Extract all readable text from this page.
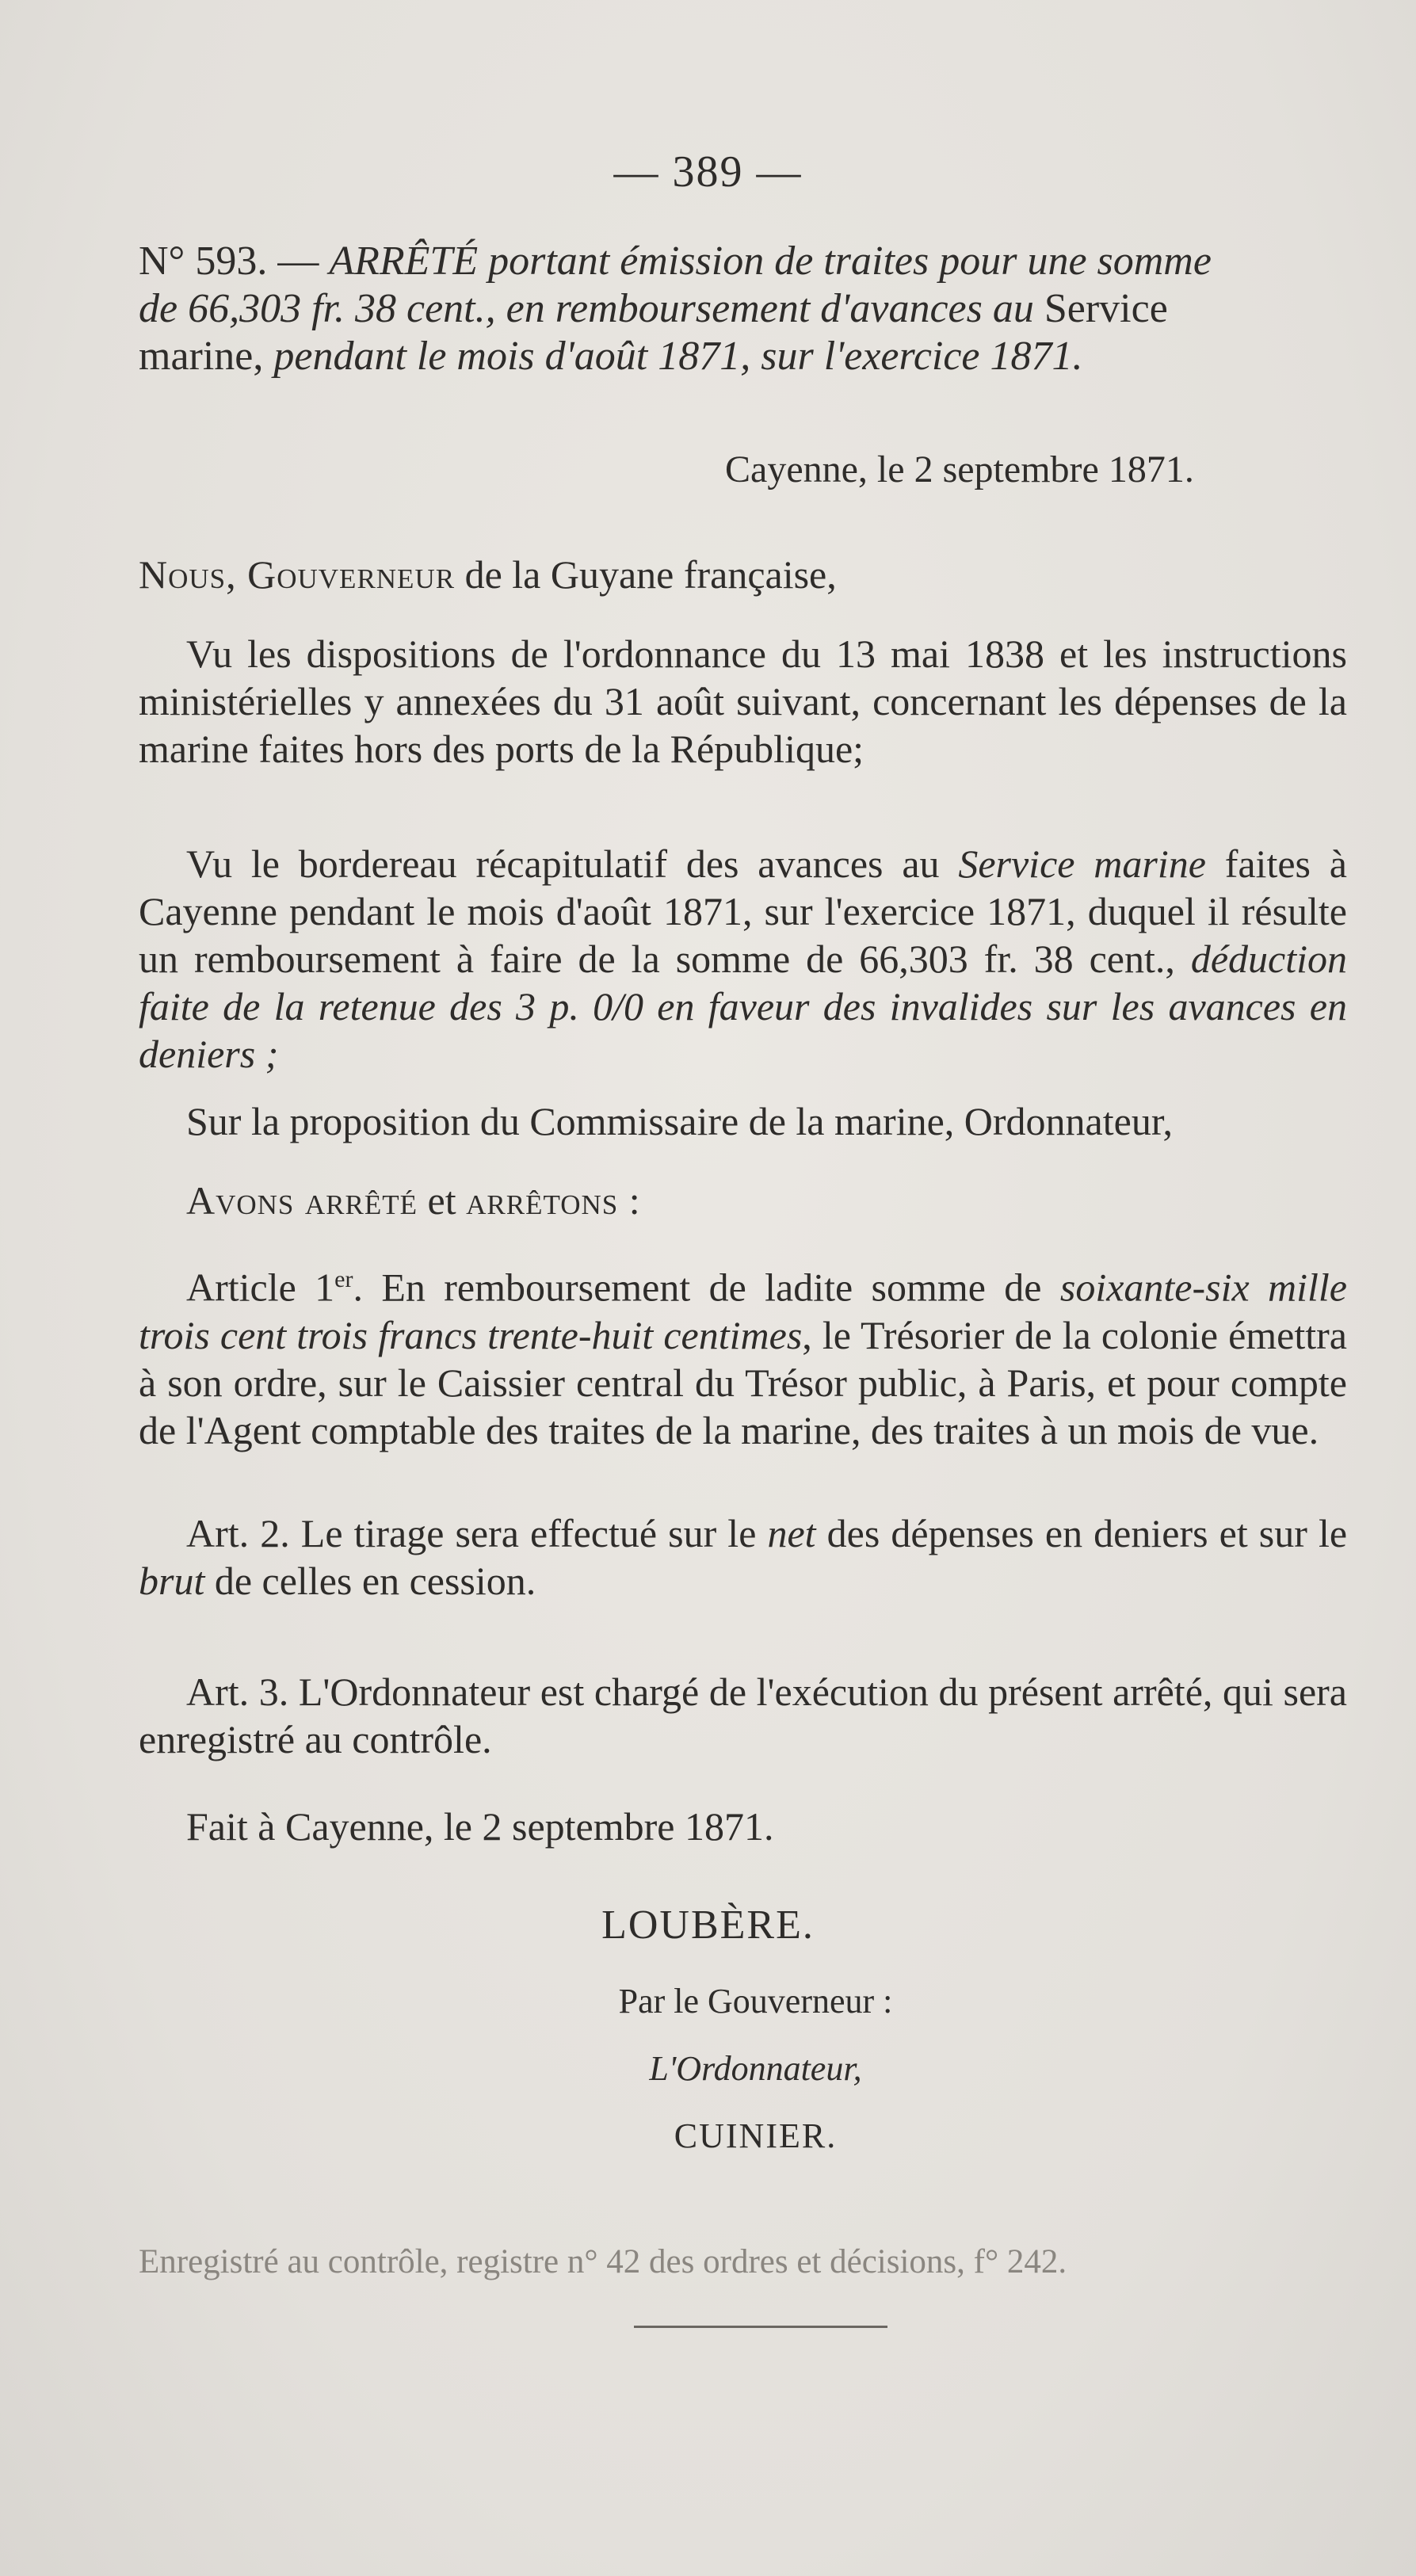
— 389 —
N° 593. — ARRÊTÉ portant émission de traites pour une somme
de 66,303 fr. 38 cent., en remboursement d'avances au Service
marine, pendant le mois d'août 1871, sur l'exercice 1871.
Cayenne, le 2 septembre 1871.

Nous, Gouverneur de la Guyane française,

Vu les dispositions de l'ordonnance du 13 mai 1838 et les instructions ministérielles y annexées du 31 août suivant, concernant les dépenses de la marine faites hors des ports de la République;
Vu le bordereau récapitulatif des avances au Service marine faites à Cayenne pendant le mois d'août 1871, sur l'exercice 1871, duquel il résulte un remboursement à faire de la somme de 66,303 fr. 38 cent., déduction faite de la retenue des 3 p. 0/0 en faveur des invalides sur les avances en deniers ;
Sur la proposition du Commissaire de la marine, Ordonnateur,
Avons arrêté et arrêtons :
Article 1er. En remboursement de ladite somme de soixante-six mille trois cent trois francs trente-huit centimes, le Trésorier de la colonie émettra à son ordre, sur le Caissier central du Trésor public, à Paris, et pour compte de l'Agent comptable des traites de la marine, des traites à un mois de vue.
Art. 2. Le tirage sera effectué sur le net des dépenses en deniers et sur le brut de celles en cession.
Art. 3. L'Ordonnateur est chargé de l'exécution du présent arrêté, qui sera enregistré au contrôle.
Fait à Cayenne, le 2 septembre 1871.
LOUBÈRE.
Par le Gouverneur :
L'Ordonnateur,
CUINIER.
Enregistré au contrôle, registre n° 42 des ordres et décisions, f° 242.
